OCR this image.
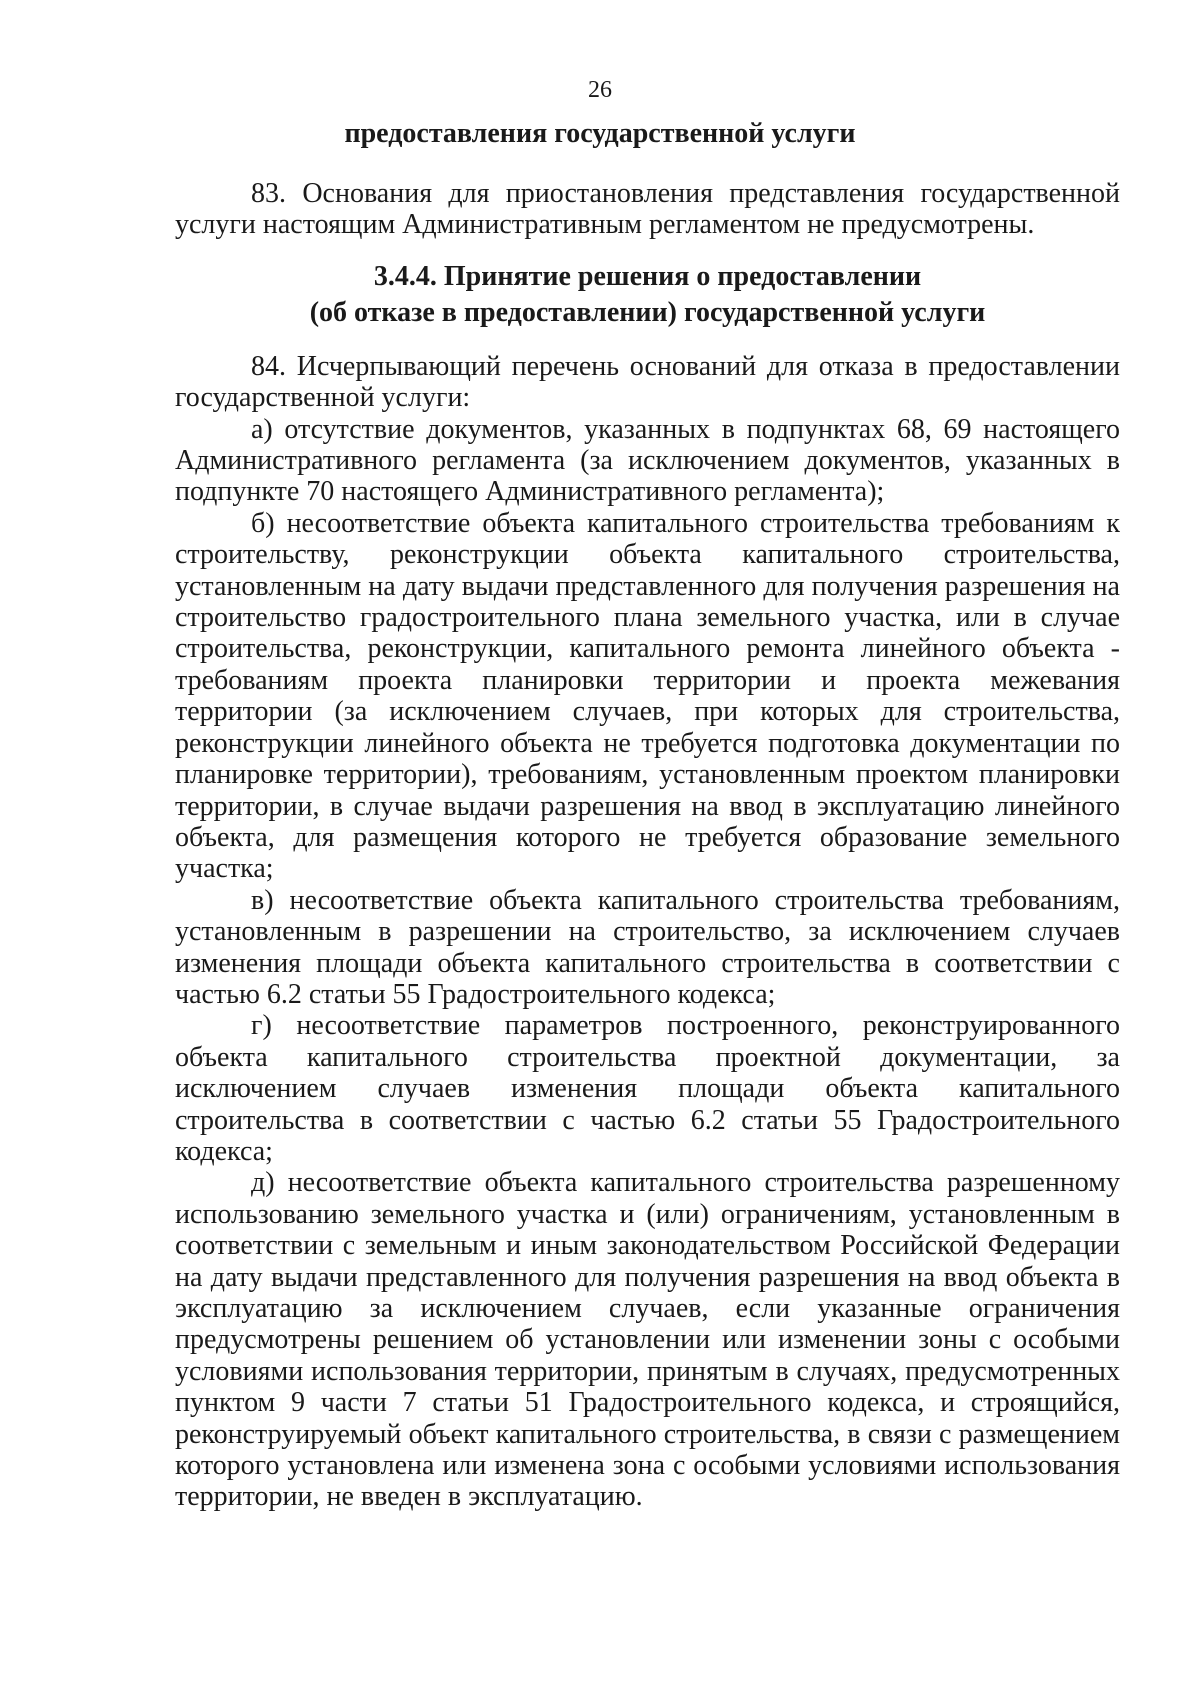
26
предоставления государственной услуги

83. Основания для приостановления представления государственной услуги настоящим Административным регламентом не предусмотрены.

3.4.4. Принятие решения о предоставлении
(об отказе в предоставлении) государственной услуги

84. Исчерпывающий перечень оснований для отказа в предоставлении государственной услуги:

а) отсутствие документов, указанных в подпунктах 68, 69 настоящего Административного регламента (за исключением документов, указанных в подпункте 70 настоящего Административного регламента);

б) несоответствие объекта капитального строительства требованиям к строительству, реконструкции объекта капитального строительства, установленным на дату выдачи представленного для получения разрешения на строительство градостроительного плана земельного участка, или в случае строительства, реконструкции, капитального ремонта линейного объекта - требованиям проекта планировки территории и проекта межевания территории (за исключением случаев, при которых для строительства, реконструкции линейного объекта не требуется подготовка документации по планировке территории), требованиям, установленным проектом планировки территории, в случае выдачи разрешения на ввод в эксплуатацию линейного объекта, для размещения которого не требуется образование земельного участка;

в) несоответствие объекта капитального строительства требованиям, установленным в разрешении на строительство, за исключением случаев изменения площади объекта капитального строительства в соответствии с частью 6.2 статьи 55 Градостроительного кодекса;

г) несоответствие параметров построенного, реконструированного объекта капитального строительства проектной документации, за исключением случаев изменения площади объекта капитального строительства в соответствии с частью 6.2 статьи 55 Градостроительного кодекса;

д) несоответствие объекта капитального строительства разрешенному использованию земельного участка и (или) ограничениям, установленным в соответствии с земельным и иным законодательством Российской Федерации на дату выдачи представленного для получения разрешения на ввод объекта в эксплуатацию за исключением случаев, если указанные ограничения предусмотрены решением об установлении или изменении зоны с особыми условиями использования территории, принятым в случаях, предусмотренных пунктом 9 части 7 статьи 51 Градостроительного кодекса, и строящийся, реконструируемый объект капитального строительства, в связи с размещением которого установлена или изменена зона с особыми условиями использования территории, не введен в эксплуатацию.
